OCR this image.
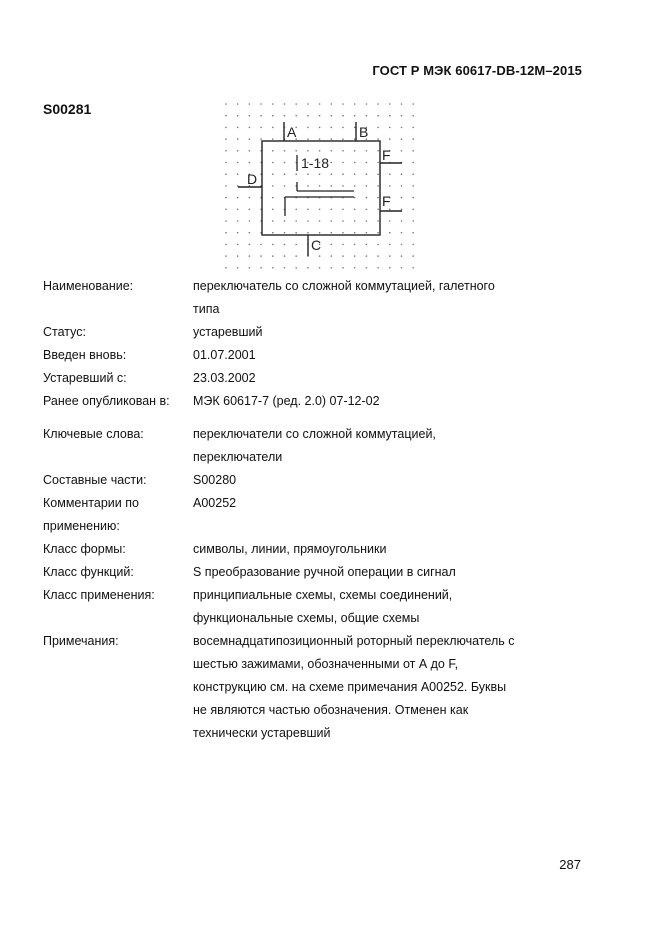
ГОСТ Р МЭК 60617-DB-12M–2015
S00281
A	B
F
F
D
C
1-18
Наименование:	переключатель со сложной коммутацией, галетного
типа
Статус:	устаревший
Введен вновь:	01.07.2001
Устаревший с:	23.03.2002
Ранее опубликован в:	МЭК 60617-7 (ред. 2.0) 07-12-02
Ключевые слова:	переключатели со сложной коммутацией,
переключатели
Составные части:	S00280
Комментарии по применению:
A00252
Класс формы:	символы, линии, прямоугольники
Класс функций:	S преобразование ручной операции в сигнал
Класс применения:	принципиальные схемы, схемы соединений,
функциональные схемы, общие схемы
Примечания:	восемнадцатипозиционный роторный переключатель с
шестью зажимами, обозначенными от А до F,
конструкцию см. на схеме примечания A00252. Буквы
не являются частью обозначения. Отменен как
технически устаревший
287
